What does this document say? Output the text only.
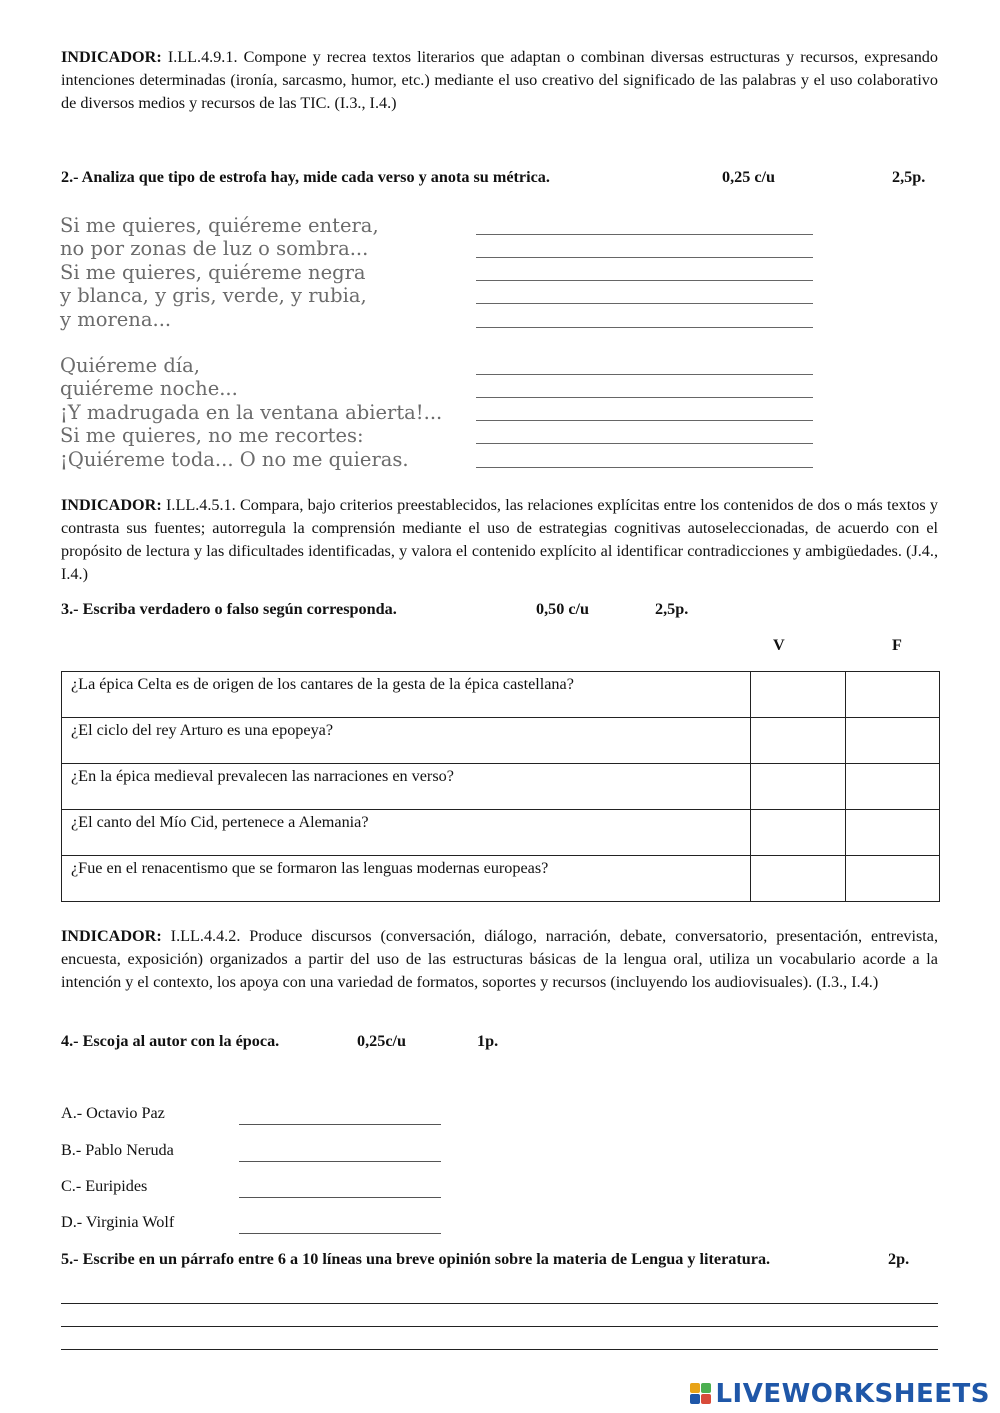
INDICADOR: I.LL.4.9.1. Compone y recrea textos literarios que adaptan o combinan diversas estructuras y recursos, expresando intenciones determinadas (ironía, sarcasmo, humor, etc.) mediante el uso creativo del significado de las palabras y el uso colaborativo de diversos medios y recursos de las TIC. (I.3., I.4.)
2.- Analiza que tipo de estrofa hay, mide cada verso y anota su métrica.	0,25 c/u	2,5p.
Si me quieres, quiéreme entera,
no por zonas de luz o sombra...
Si me quieres, quiéreme negra
y blanca, y gris, verde, y rubia,
y morena...
Quiéreme día,
quiéreme noche...
¡Y madrugada en la ventana abierta!...
Si me quieres, no me recortes:
¡Quiéreme toda... O no me quieras.
INDICADOR: I.LL.4.5.1. Compara, bajo criterios preestablecidos, las relaciones explícitas entre los contenidos de dos o más textos y contrasta sus fuentes; autorregula la comprensión mediante el uso de estrategias cognitivas autoseleccionadas, de acuerdo con el propósito de lectura y las dificultades identificadas, y valora el contenido explícito al identificar contradicciones y ambigüedades. (J.4., I.4.)
3.- Escriba verdadero o falso según corresponda.	0,50 c/u	2,5p.
V	F
¿La épica Celta es de origen de los cantares de la gesta de la épica castellana?		
¿El ciclo del rey Arturo es una epopeya?		
¿En la épica medieval prevalecen las narraciones en verso?		
¿El canto del Mío Cid, pertenece a Alemania?		
¿Fue en el renacentismo que se formaron las lenguas modernas europeas?		
INDICADOR: I.LL.4.4.2. Produce discursos (conversación, diálogo, narración, debate, conversatorio, presentación, entrevista, encuesta, exposición) organizados a partir del uso de las estructuras básicas de la lengua oral, utiliza un vocabulario acorde a la intención y el contexto, los apoya con una variedad de formatos, soportes y recursos (incluyendo los audiovisuales). (I.3., I.4.)
4.- Escoja al autor con la época.	0,25c/u	1p.
A.- Octavio Paz
B.- Pablo Neruda
C.- Euripides
D.- Virginia Wolf
5.- Escribe en un párrafo entre 6 a 10 líneas una breve opinión sobre la materia de Lengua y literatura.	2p.
LIVEWORKSHEETS
